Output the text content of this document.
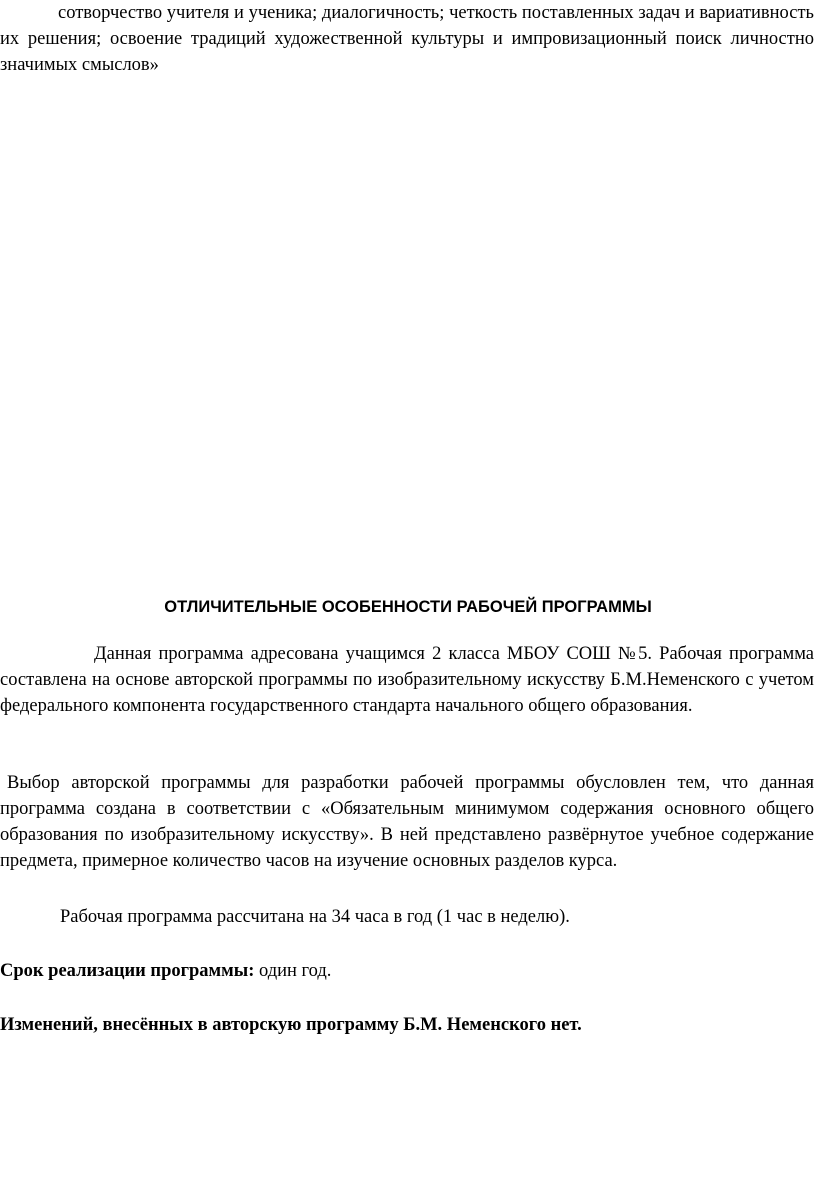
сотворчество учителя и ученика; диалогичность; четкость поставленных задач и вариативность их решения; освоение традиций художественной культуры и импровизационный поиск личностно значимых смыслов»

ОТЛИЧИТЕЛЬНЫЕ ОСОБЕННОСТИ РАБОЧЕЙ ПРОГРАММЫ

Данная программа адресована учащимся 2 класса МБОУ СОШ №5. Рабочая программа составлена на основе авторской программы по изобразительному искусству Б.М.Неменского с учетом федерального компонента государственного стандарта начального общего образования.

Выбор авторской программы для разработки рабочей программы обусловлен тем, что данная программа создана в соответствии с «Обязательным минимумом содержания основного общего образования по изобразительному искусству». В ней представлено развёрнутое учебное содержание предмета, примерное количество часов на изучение основных разделов курса.

Рабочая программа рассчитана на 34 часа в год (1 час в неделю).

Срок реализации программы: один год.

Изменений, внесённых в авторскую программу Б.М. Неменского нет.
